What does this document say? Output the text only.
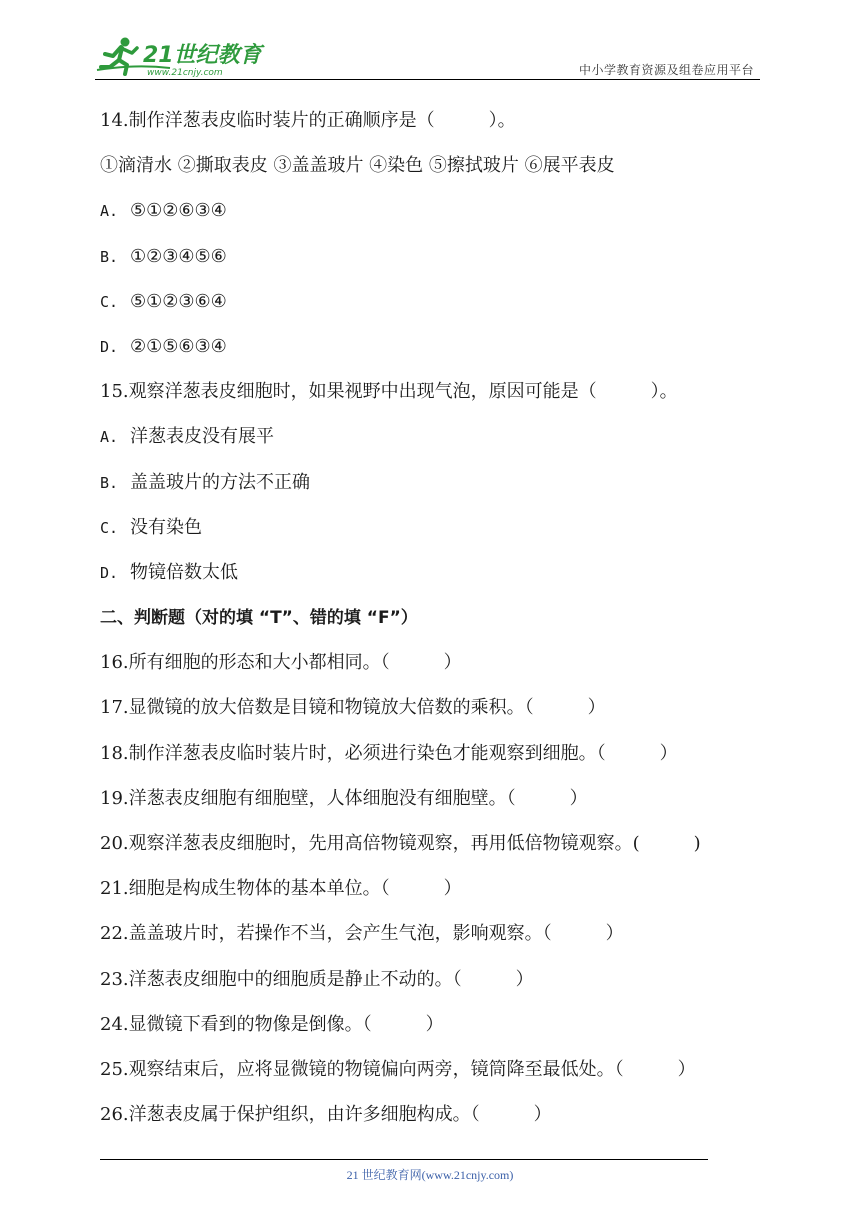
21世纪教育
www.21cnjy.com	中小学教育资源及组卷应用平台
14.制作洋葱表皮临时装片的正确顺序是（　　　）。
①滴清水 ②撕取表皮 ③盖盖玻片 ④染色 ⑤擦拭玻片 ⑥展平表皮
A. ⑤①②⑥③④
B. ①②③④⑤⑥
C. ⑤①②③⑥④
D. ②①⑤⑥③④
15.观察洋葱表皮细胞时，如果视野中出现气泡，原因可能是（　　　）。
A. 洋葱表皮没有展平
B. 盖盖玻片的方法不正确
C. 没有染色
D. 物镜倍数太低
二、判断题（对的填 “T”、错的填 “F”）
16.所有细胞的形态和大小都相同。（　　　）
17.显微镜的放大倍数是目镜和物镜放大倍数的乘积。（　　　）
18.制作洋葱表皮临时装片时，必须进行染色才能观察到细胞。（　　　）
19.洋葱表皮细胞有细胞壁，人体细胞没有细胞壁。（　　　）
20.观察洋葱表皮细胞时，先用高倍物镜观察，再用低倍物镜观察。(　　　)
21.细胞是构成生物体的基本单位。（　　　）
22.盖盖玻片时，若操作不当，会产生气泡，影响观察。（　　　）
23.洋葱表皮细胞中的细胞质是静止不动的。（　　　）
24.显微镜下看到的物像是倒像。（　　　）
25.观察结束后，应将显微镜的物镜偏向两旁，镜筒降至最低处。（　　　）
26.洋葱表皮属于保护组织，由许多细胞构成。（　　　）
21 世纪教育网(www.21cnjy.com)
